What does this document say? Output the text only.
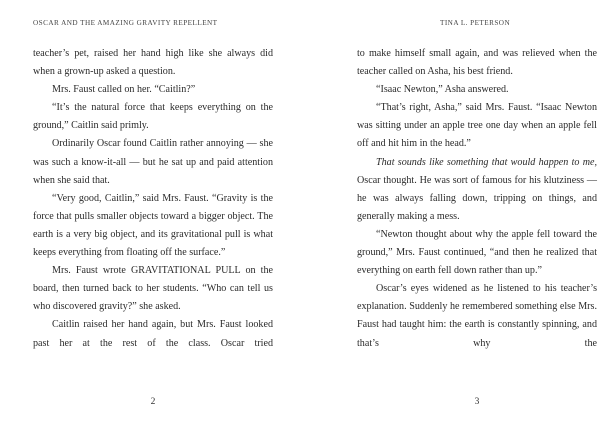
OSCAR AND THE AMAZING GRAVITY REPELLENT

teacher’s pet, raised her hand high like she always did when a grown-up asked a question.

Mrs. Faust called on her. “Caitlin?”

“It’s the natural force that keeps everything on the ground,” Caitlin said primly.

Ordinarily Oscar found Caitlin rather annoying — she was such a know-it-all — but he sat up and paid attention when she said that.

“Very good, Caitlin,” said Mrs. Faust. “Gravity is the force that pulls smaller objects toward a bigger object. The earth is a very big object, and its gravitational pull is what keeps everything from floating off the surface.”

Mrs. Faust wrote GRAVITATIONAL PULL on the board, then turned back to her students. “Who can tell us who discovered gravity?” she asked.

Caitlin raised her hand again, but Mrs. Faust looked past her at the rest of the class. Oscar tried

2
TINA L. PETERSON

to make himself small again, and was relieved when the teacher called on Asha, his best friend.

“Isaac Newton,” Asha answered.

“That’s right, Asha,” said Mrs. Faust. “Isaac Newton was sitting under an apple tree one day when an apple fell off and hit him in the head.”

That sounds like something that would happen to me, Oscar thought. He was sort of famous for his klutziness — he was always falling down, tripping on things, and generally making a mess.

“Newton thought about why the apple fell toward the ground,” Mrs. Faust continued, “and then he realized that everything on earth fell down rather than up.”

Oscar’s eyes widened as he listened to his teacher’s explanation. Suddenly he remembered something else Mrs. Faust had taught him: the earth is constantly spinning, and that’s why the

3
